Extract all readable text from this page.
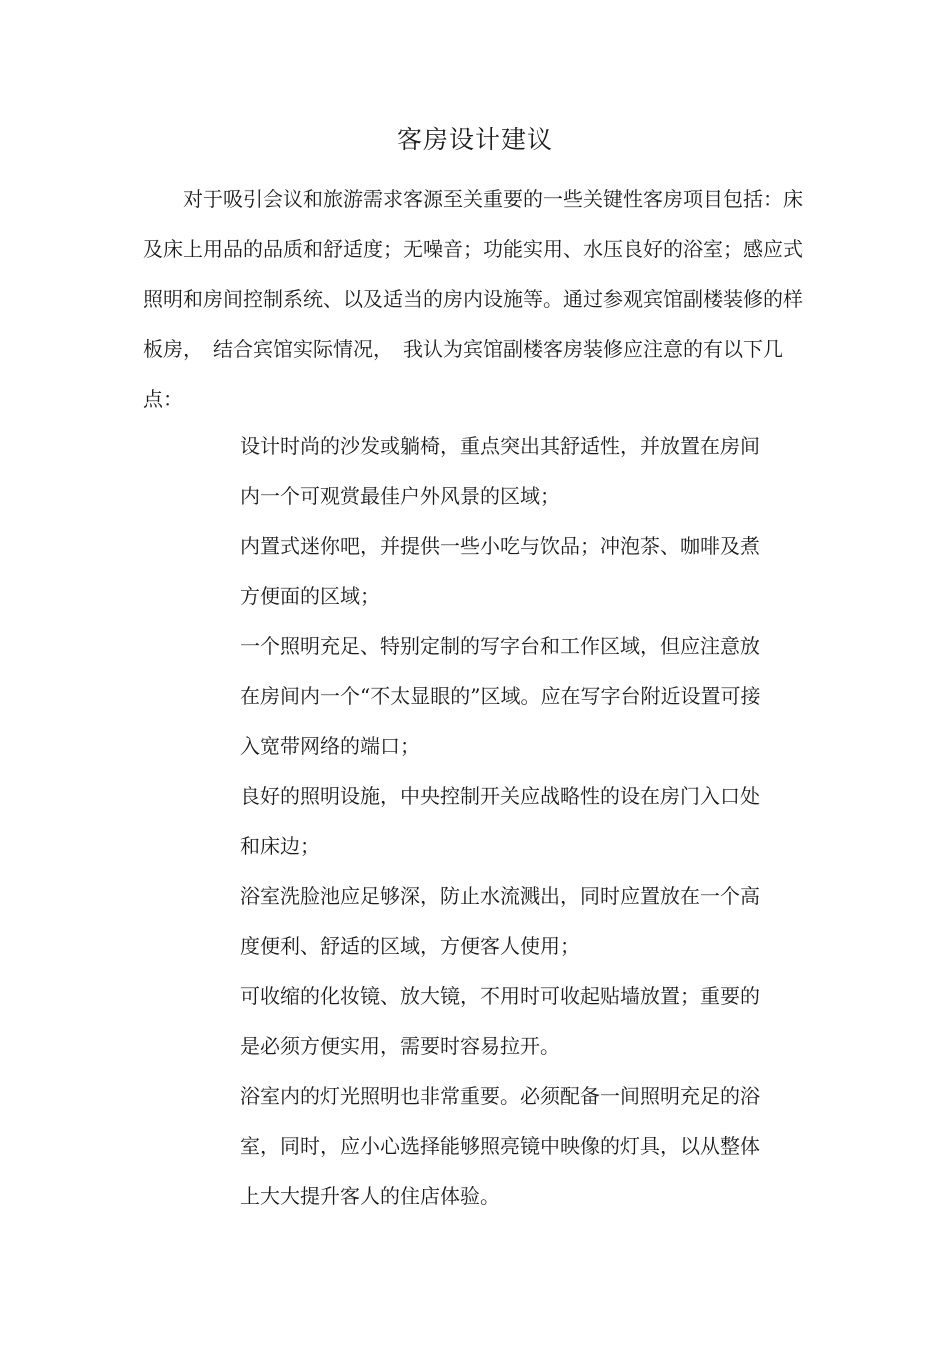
客房设计建议

对于吸引会议和旅游需求客源至关重要的一些关键性客房项目包括：床及床上用品的品质和舒适度；无噪音；功能实用、水压良好的浴室；感应式照明和房间控制系统、以及适当的房内设施等。通过参观宾馆副楼装修的样板房，　结合宾馆实际情况，　我认为宾馆副楼客房装修应注意的有以下几点：

设计时尚的沙发或躺椅，重点突出其舒适性，并放置在房间内一个可观赏最佳户外风景的区域；
内置式迷你吧，并提供一些小吃与饮品；冲泡茶、咖啡及煮方便面的区域；
一个照明充足、特别定制的写字台和工作区域，但应注意放在房间内一个“不太显眼的”区域。应在写字台附近设置可接入宽带网络的端口；
良好的照明设施，中央控制开关应战略性的设在房门入口处和床边；
浴室洗脸池应足够深，防止水流溅出，同时应置放在一个高度便利、舒适的区域，方便客人使用；
可收缩的化妆镜、放大镜，不用时可收起贴墙放置；重要的是必须方便实用，需要时容易拉开。
浴室内的灯光照明也非常重要。必须配备一间照明充足的浴室，同时，应小心选择能够照亮镜中映像的灯具，以从整体上大大提升客人的住店体验。
